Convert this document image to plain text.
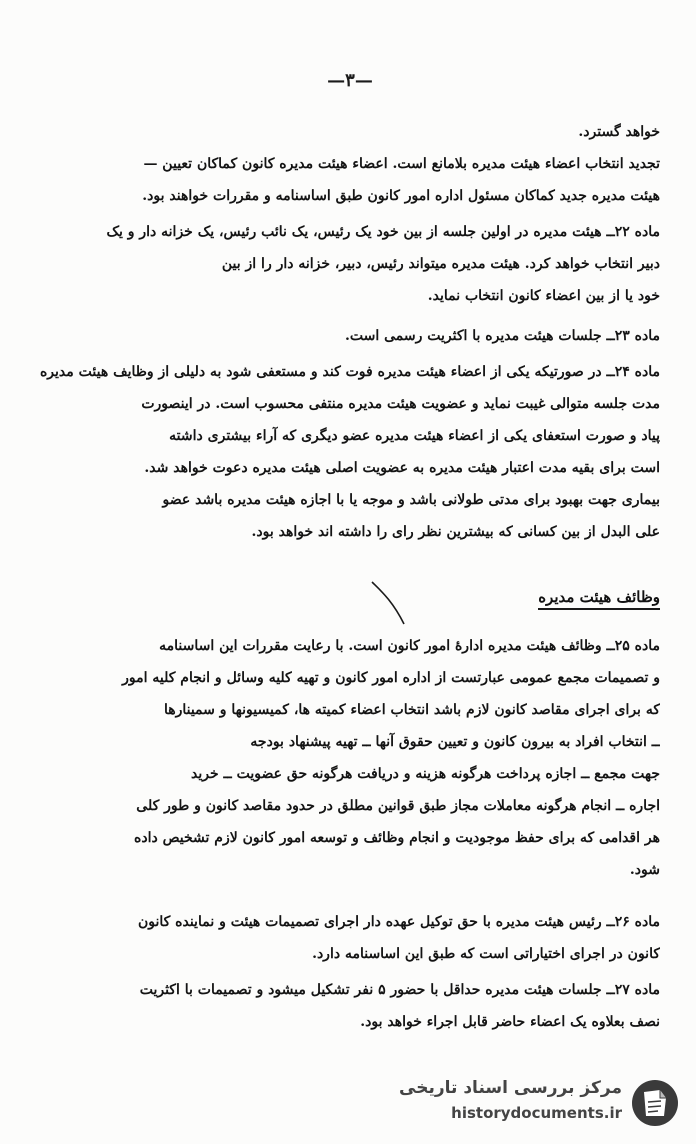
—۳—
خواهد گسترد.
تجدید انتخاب اعضاء هیئت مدیره بلامانع است. اعضاء هیئت مدیره کانون کماکان تعیین —
هیئت مدیره جدید کماکان مسئول اداره امور کانون طبق اساسنامه و مقررات خواهند بود.
ماده ۲۲ــ هیئت مدیره در اولین جلسه از بین خود یک رئیس، یک نائب رئیس، یک خزانه دار و یک
دبیر انتخاب خواهد کرد. هیئت مدیره میتواند رئیس، دبیر، خزانه دار را از بین
خود یا از بین اعضاء کانون انتخاب نماید.
ماده ۲۳ــ جلسات هیئت مدیره با اکثریت رسمی است.
ماده ۲۴ــ در صورتیکه یکی از اعضاء هیئت مدیره فوت کند و مستعفی شود به دلیلی از وظایف هیئت مدیره
مدت جلسه متوالی غیبت نماید و عضویت هیئت مدیره منتفی محسوب است. در اینصورت
پیاد و صورت استعفای یکی از اعضاء هیئت مدیره عضو دیگری که آراء بیشتری داشته
است برای بقیه مدت اعتبار هیئت مدیره به عضویت اصلی هیئت مدیره دعوت خواهد شد.
بیماری جهت بهبود برای مدتی طولانی باشد و موجه یا با اجازه هیئت مدیره باشد عضو
علی البدل از بین کسانی که بیشترین نظر رای را داشته اند خواهد بود.
وظائف هیئت مدیره
ماده ۲۵ــ وظائف هیئت مدیره ادارهٔ امور کانون است. با رعایت مقررات این اساسنامه
و تصمیمات مجمع عمومی عبارتست از اداره امور کانون و تهیه کلیه وسائل و انجام کلیه امور
که برای اجرای مقاصد کانون لازم باشد انتخاب اعضاء کمیته ها، کمیسیونها و سمینارها
ــ انتخاب افراد به بیرون کانون و تعیین حقوق آنها ــ تهیه پیشنهاد بودجه
جهت مجمع ــ اجازه پرداخت هرگونه هزینه و دریافت هرگونه حق عضویت ــ خرید
اجاره ــ انجام هرگونه معاملات مجاز طبق قوانین مطلق در حدود مقاصد کانون و طور کلی
هر اقدامی که برای حفظ موجودیت و انجام وظائف و توسعه امور کانون لازم تشخیص داده
شود.
ماده ۲۶ــ رئیس هیئت مدیره با حق توکیل عهده دار اجرای تصمیمات هیئت و نماینده کانون
کانون در اجرای اختیاراتی است که طبق این اساسنامه دارد.
ماده ۲۷ــ جلسات هیئت مدیره حداقل با حضور ۵ نفر تشکیل میشود و تصمیمات با اکثریت
نصف بعلاوه یک اعضاء حاضر قابل اجراء خواهد بود.
مرکز بررسی اسناد تاریخی
historydocuments.ir
